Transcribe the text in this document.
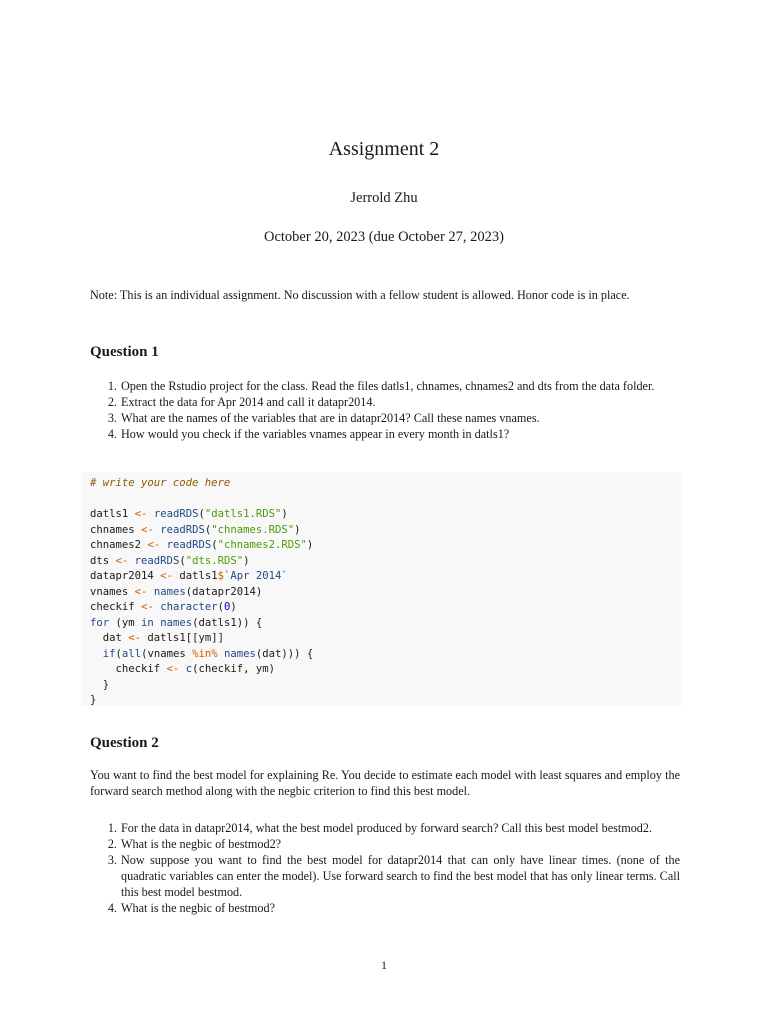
Assignment 2
Jerrold Zhu
October 20, 2023 (due October 27, 2023)
Note: This is an individual assignment. No discussion with a fellow student is allowed. Honor code is in place.
Question 1
1. Open the Rstudio project for the class. Read the files datls1, chnames, chnames2 and dts from the data folder.
2. Extract the data for Apr 2014 and call it datapr2014.
3. What are the names of the variables that are in datapr2014? Call these names vnames.
4. How would you check if the variables vnames appear in every month in datls1?
# write your code here

datls1 <- readRDS("datls1.RDS")
chnames <- readRDS("chnames.RDS")
chnames2 <- readRDS("chnames2.RDS")
dts <- readRDS("dts.RDS")
datapr2014 <- datls1$`Apr 2014`
vnames <- names(datapr2014)
checkif <- character(0)
for (ym in names(datls1)) {
dat <- datls1[[ym]]
if(all(vnames %in% names(dat))) {
checkif <- c(checkif, ym)
}
}
Question 2
You want to find the best model for explaining Re. You decide to estimate each model with least squares and employ the forward search method along with the negbic criterion to find this best model.
1. For the data in datapr2014, what the best model produced by forward search? Call this best model bestmod2.
2. What is the negbic of bestmod2?
3. Now suppose you want to find the best model for datapr2014 that can only have linear times. (none of the quadratic variables can enter the model). Use forward search to find the best model that has only linear terms. Call this best model bestmod.
4. What is the negbic of bestmod?
1
